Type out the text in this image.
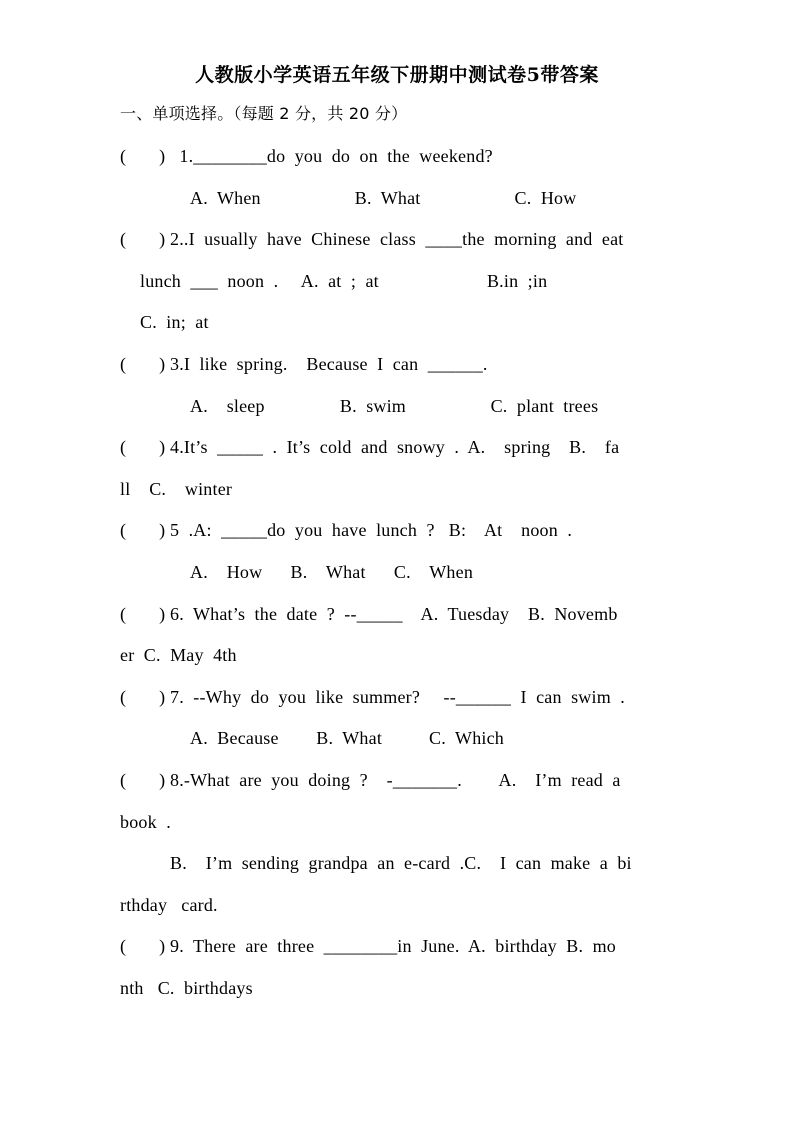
人教版小学英语五年级下册期中测试卷5带答案
一、单项选择。（每题 2 分，共 20 分）
(       )   1.________do  you  do  on  the  weekend?
A.  When                    B.  What                    C.  How
(       ) 2..I  usually  have  Chinese  class  ____the  morning  and  eat
lunch  ___  noon  .     A.  at  ;  at                       B.in  ;in
C.  in;  at
(       ) 3.I  like  spring.    Because  I  can  ______.
A.    sleep                B.  swim                  C.  plant  trees
(       ) 4.It’s  _____  .  It’s  cold  and  snowy  .  A.    spring    B.    fa
ll    C.    winter
(       ) 5  .A:  _____do  you  have  lunch  ?   B:    At    noon  .
A.    How      B.    What      C.    When
(       ) 6.  What’s  the  date  ?  --_____    A.  Tuesday    B.  Novemb
er  C.  May  4th
(       ) 7.  --Why  do  you  like  summer?     --______  I  can  swim  .
A.  Because        B.  What          C.  Which
(       ) 8.-What  are  you  doing  ?    -_______.        A.    I’m  read  a
book  .
B.    I’m  sending  grandpa  an  e-card  .C.    I  can  make  a  bi
rthday   card.
(       ) 9.  There  are  three  ________in  June.  A.  birthday  B.  mo
nth   C.  birthdays
